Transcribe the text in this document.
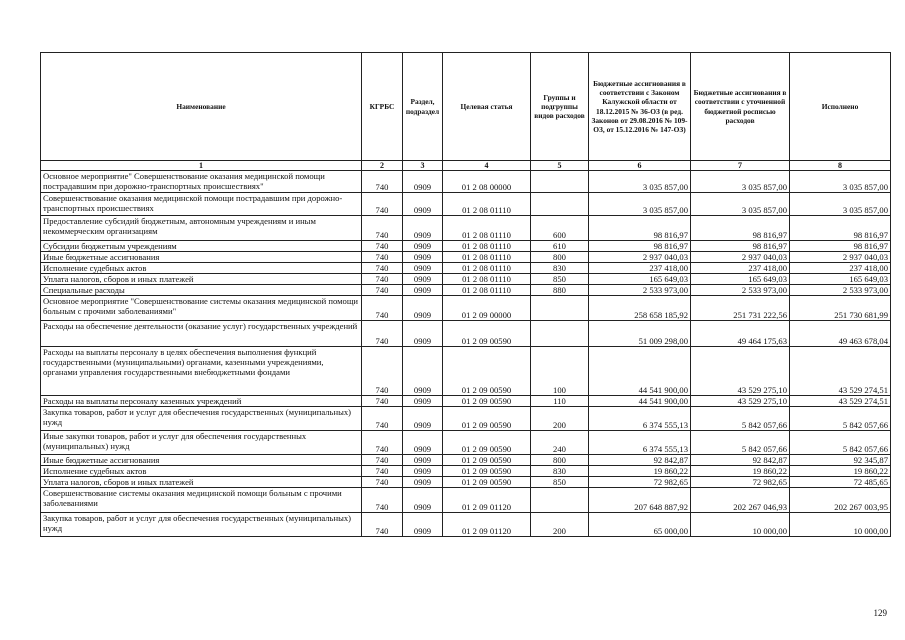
Наименование	КГРБС	Раздел, подраздел	Целевая статья	Группы и подгруппы видов расходов	Бюджетные ассигнования в соответствии с Законом Калужской области от 18.12.2015 № 36-ОЗ (в ред. Законов от 29.08.2016 № 109-ОЗ, от 15.12.2016 № 147-ОЗ)	Бюджетные ассигнования в соответствии с уточненной бюджетной росписью расходов	Исполнено
1	2	3	4	5	6	7	8
Основное мероприятие" Совершенствование оказания медицинской помощи пострадавшим при дорожно-транспортных происшествиях"	740	0909	01 2 08 00000		3 035 857,00	3 035 857,00	3 035 857,00
Совершенствование оказания медицинской помощи пострадавшим при дорожно-транспортных происшествиях	740	0909	01 2 08 01110		3 035 857,00	3 035 857,00	3 035 857,00
Предоставление субсидий бюджетным, автономным учреждениям и иным некоммерческим организациям	740	0909	01 2 08 01110	600	98 816,97	98 816,97	98 816,97
Субсидии бюджетным учреждениям	740	0909	01 2 08 01110	610	98 816,97	98 816,97	98 816,97
Иные бюджетные ассигнования	740	0909	01 2 08 01110	800	2 937 040,03	2 937 040,03	2 937 040,03
Исполнение судебных актов	740	0909	01 2 08 01110	830	237 418,00	237 418,00	237 418,00
Уплата налогов, сборов и иных платежей	740	0909	01 2 08 01110	850	165 649,03	165 649,03	165 649,03
Специальные расходы	740	0909	01 2 08 01110	880	2 533 973,00	2 533 973,00	2 533 973,00
Основное мероприятие "Совершенствование системы оказания медицинской помощи больным с прочими заболеваниями"	740	0909	01 2 09 00000		258 658 185,92	251 731 222,56	251 730 681,99
Расходы на обеспечение деятельности (оказание услуг) государственных учреждений	740	0909	01 2 09 00590		51 009 298,00	49 464 175,63	49 463 678,04
Расходы на выплаты персоналу в целях обеспечения выполнения функций государственными (муниципальными) органами, казенными учреждениями, органами управления государственными внебюджетными фондами	740	0909	01 2 09 00590	100	44 541 900,00	43 529 275,10	43 529 274,51
Расходы на выплаты персоналу казенных учреждений	740	0909	01 2 09 00590	110	44 541 900,00	43 529 275,10	43 529 274,51
Закупка товаров, работ и услуг для обеспечения государственных (муниципальных) нужд	740	0909	01 2 09 00590	200	6 374 555,13	5 842 057,66	5 842 057,66
Иные закупки товаров, работ и услуг для обеспечения государственных (муниципальных) нужд	740	0909	01 2 09 00590	240	6 374 555,13	5 842 057,66	5 842 057,66
Иные бюджетные ассигнования	740	0909	01 2 09 00590	800	92 842,87	92 842,87	92 345,87
Исполнение судебных актов	740	0909	01 2 09 00590	830	19 860,22	19 860,22	19 860,22
Уплата налогов, сборов и иных платежей	740	0909	01 2 09 00590	850	72 982,65	72 982,65	72 485,65
Совершенствование системы оказания медицинской помощи больным с прочими заболеваниями	740	0909	01 2 09 01120		207 648 887,92	202 267 046,93	202 267 003,95
Закупка товаров, работ и услуг для обеспечения государственных (муниципальных) нужд	740	0909	01 2 09 01120	200	65 000,00	10 000,00	10 000,00
129
